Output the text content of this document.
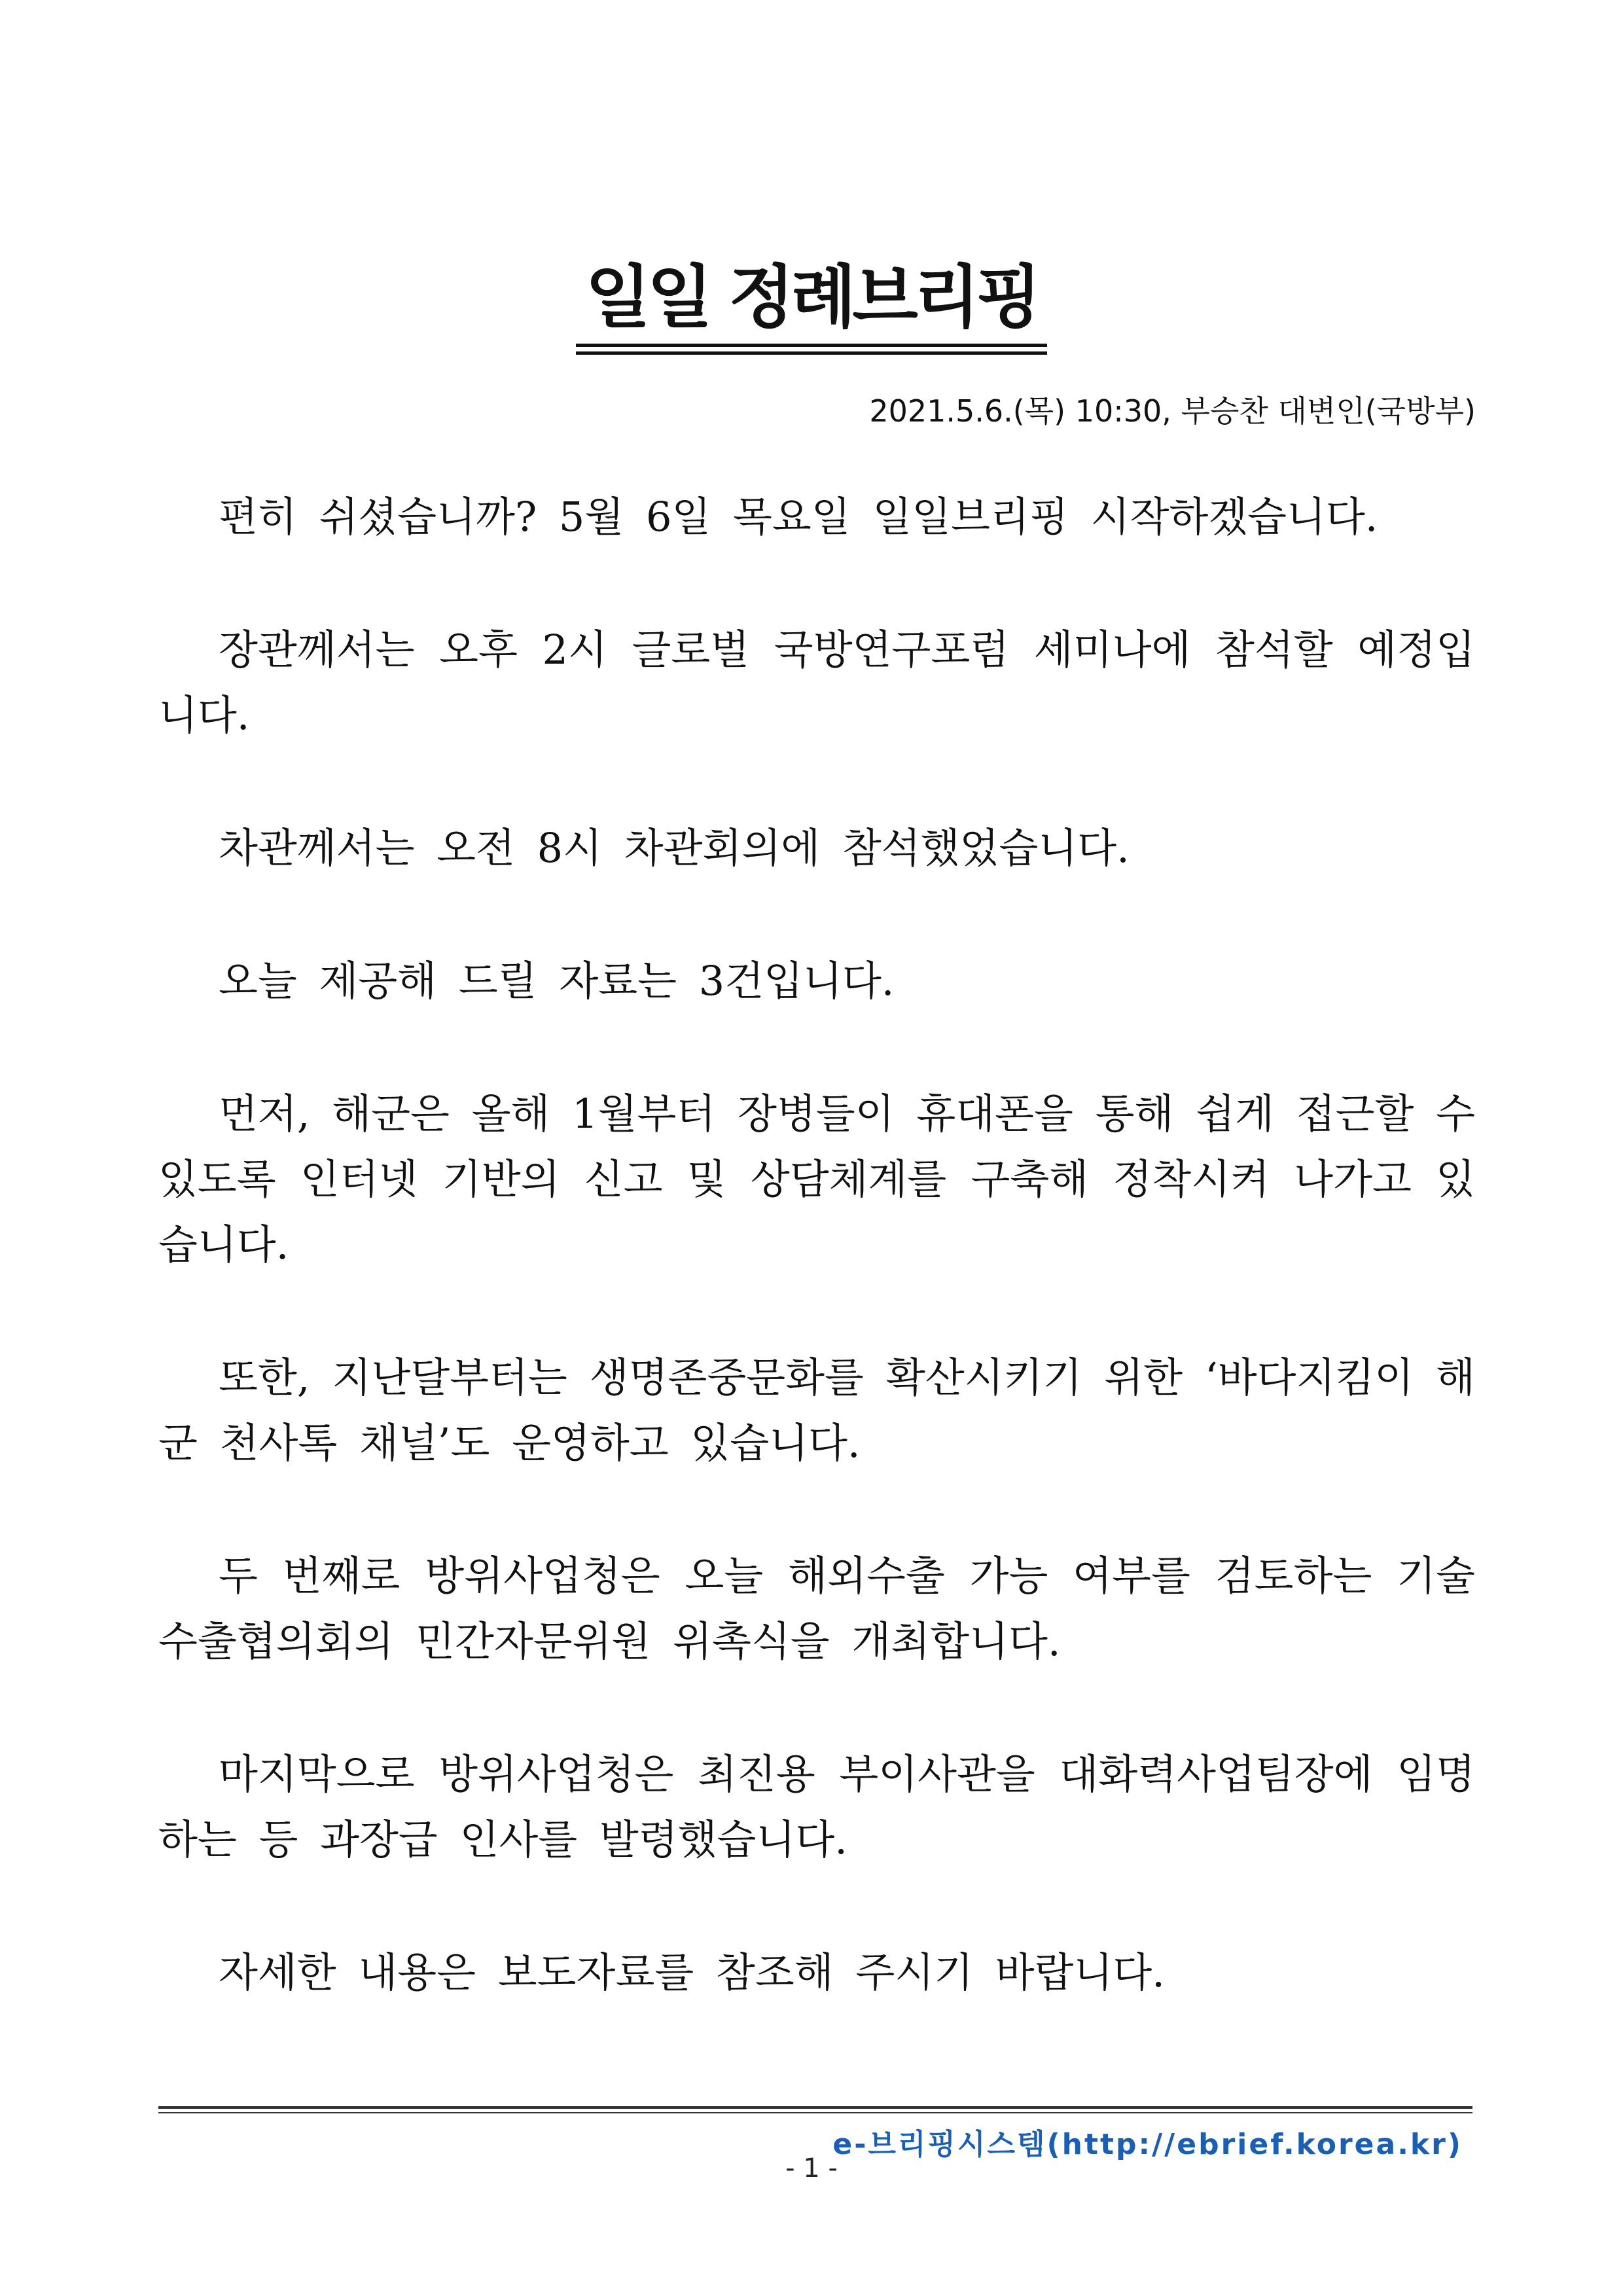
일일 정례브리핑
2021.5.6.(목) 10:30, 부승찬 대변인(국방부)

편히 쉬셨습니까? 5월 6일 목요일 일일브리핑 시작하겠습니다.

장관께서는 오후 2시 글로벌 국방연구포럼 세미나에 참석할 예정입니다.

차관께서는 오전 8시 차관회의에 참석했었습니다.

오늘 제공해 드릴 자료는 3건입니다.

먼저, 해군은 올해 1월부터 장병들이 휴대폰을 통해 쉽게 접근할 수 있도록 인터넷 기반의 신고 및 상담체계를 구축해 정착시켜 나가고 있습니다.

또한, 지난달부터는 생명존중문화를 확산시키기 위한 ‘바다지킴이 해군 천사톡 채널’도 운영하고 있습니다.

두 번째로 방위사업청은 오늘 해외수출 가능 여부를 검토하는 기술수출협의회의 민간자문위원 위촉식을 개최합니다.

마지막으로 방위사업청은 최진용 부이사관을 대화력사업팀장에 임명하는 등 과장급 인사를 발령했습니다.

자세한 내용은 보도자료를 참조해 주시기 바랍니다.

e-브리핑시스템(http://ebrief.korea.kr)
- 1 -
